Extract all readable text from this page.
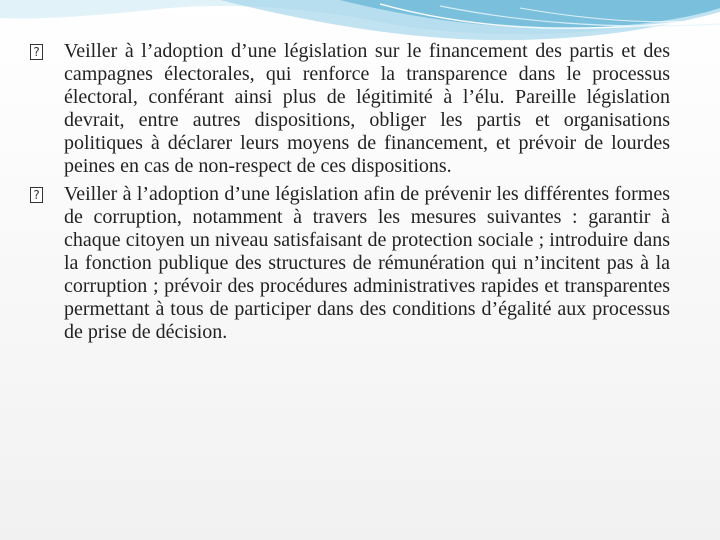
? Veiller à l’adoption d’une législation sur le financement des partis et des campagnes électorales, qui renforce la transparence dans le processus électoral, conférant ainsi plus de légitimité à l’élu. Pareille législation devrait, entre autres dispositions, obliger les partis et organisations politiques à déclarer leurs moyens de financement, et prévoir de lourdes peines en cas de non-respect de ces dispositions.

? Veiller à l’adoption d’une législation afin de prévenir les différentes formes de corruption, notamment à travers les mesures suivantes : garantir à chaque citoyen un niveau satisfaisant de protection sociale ; introduire dans la fonction publique des structures de rémunération qui n’incitent pas à la corruption ; prévoir des procédures administratives rapides et transparentes permettant à tous de participer dans des conditions d’égalité aux processus de prise de décision.
